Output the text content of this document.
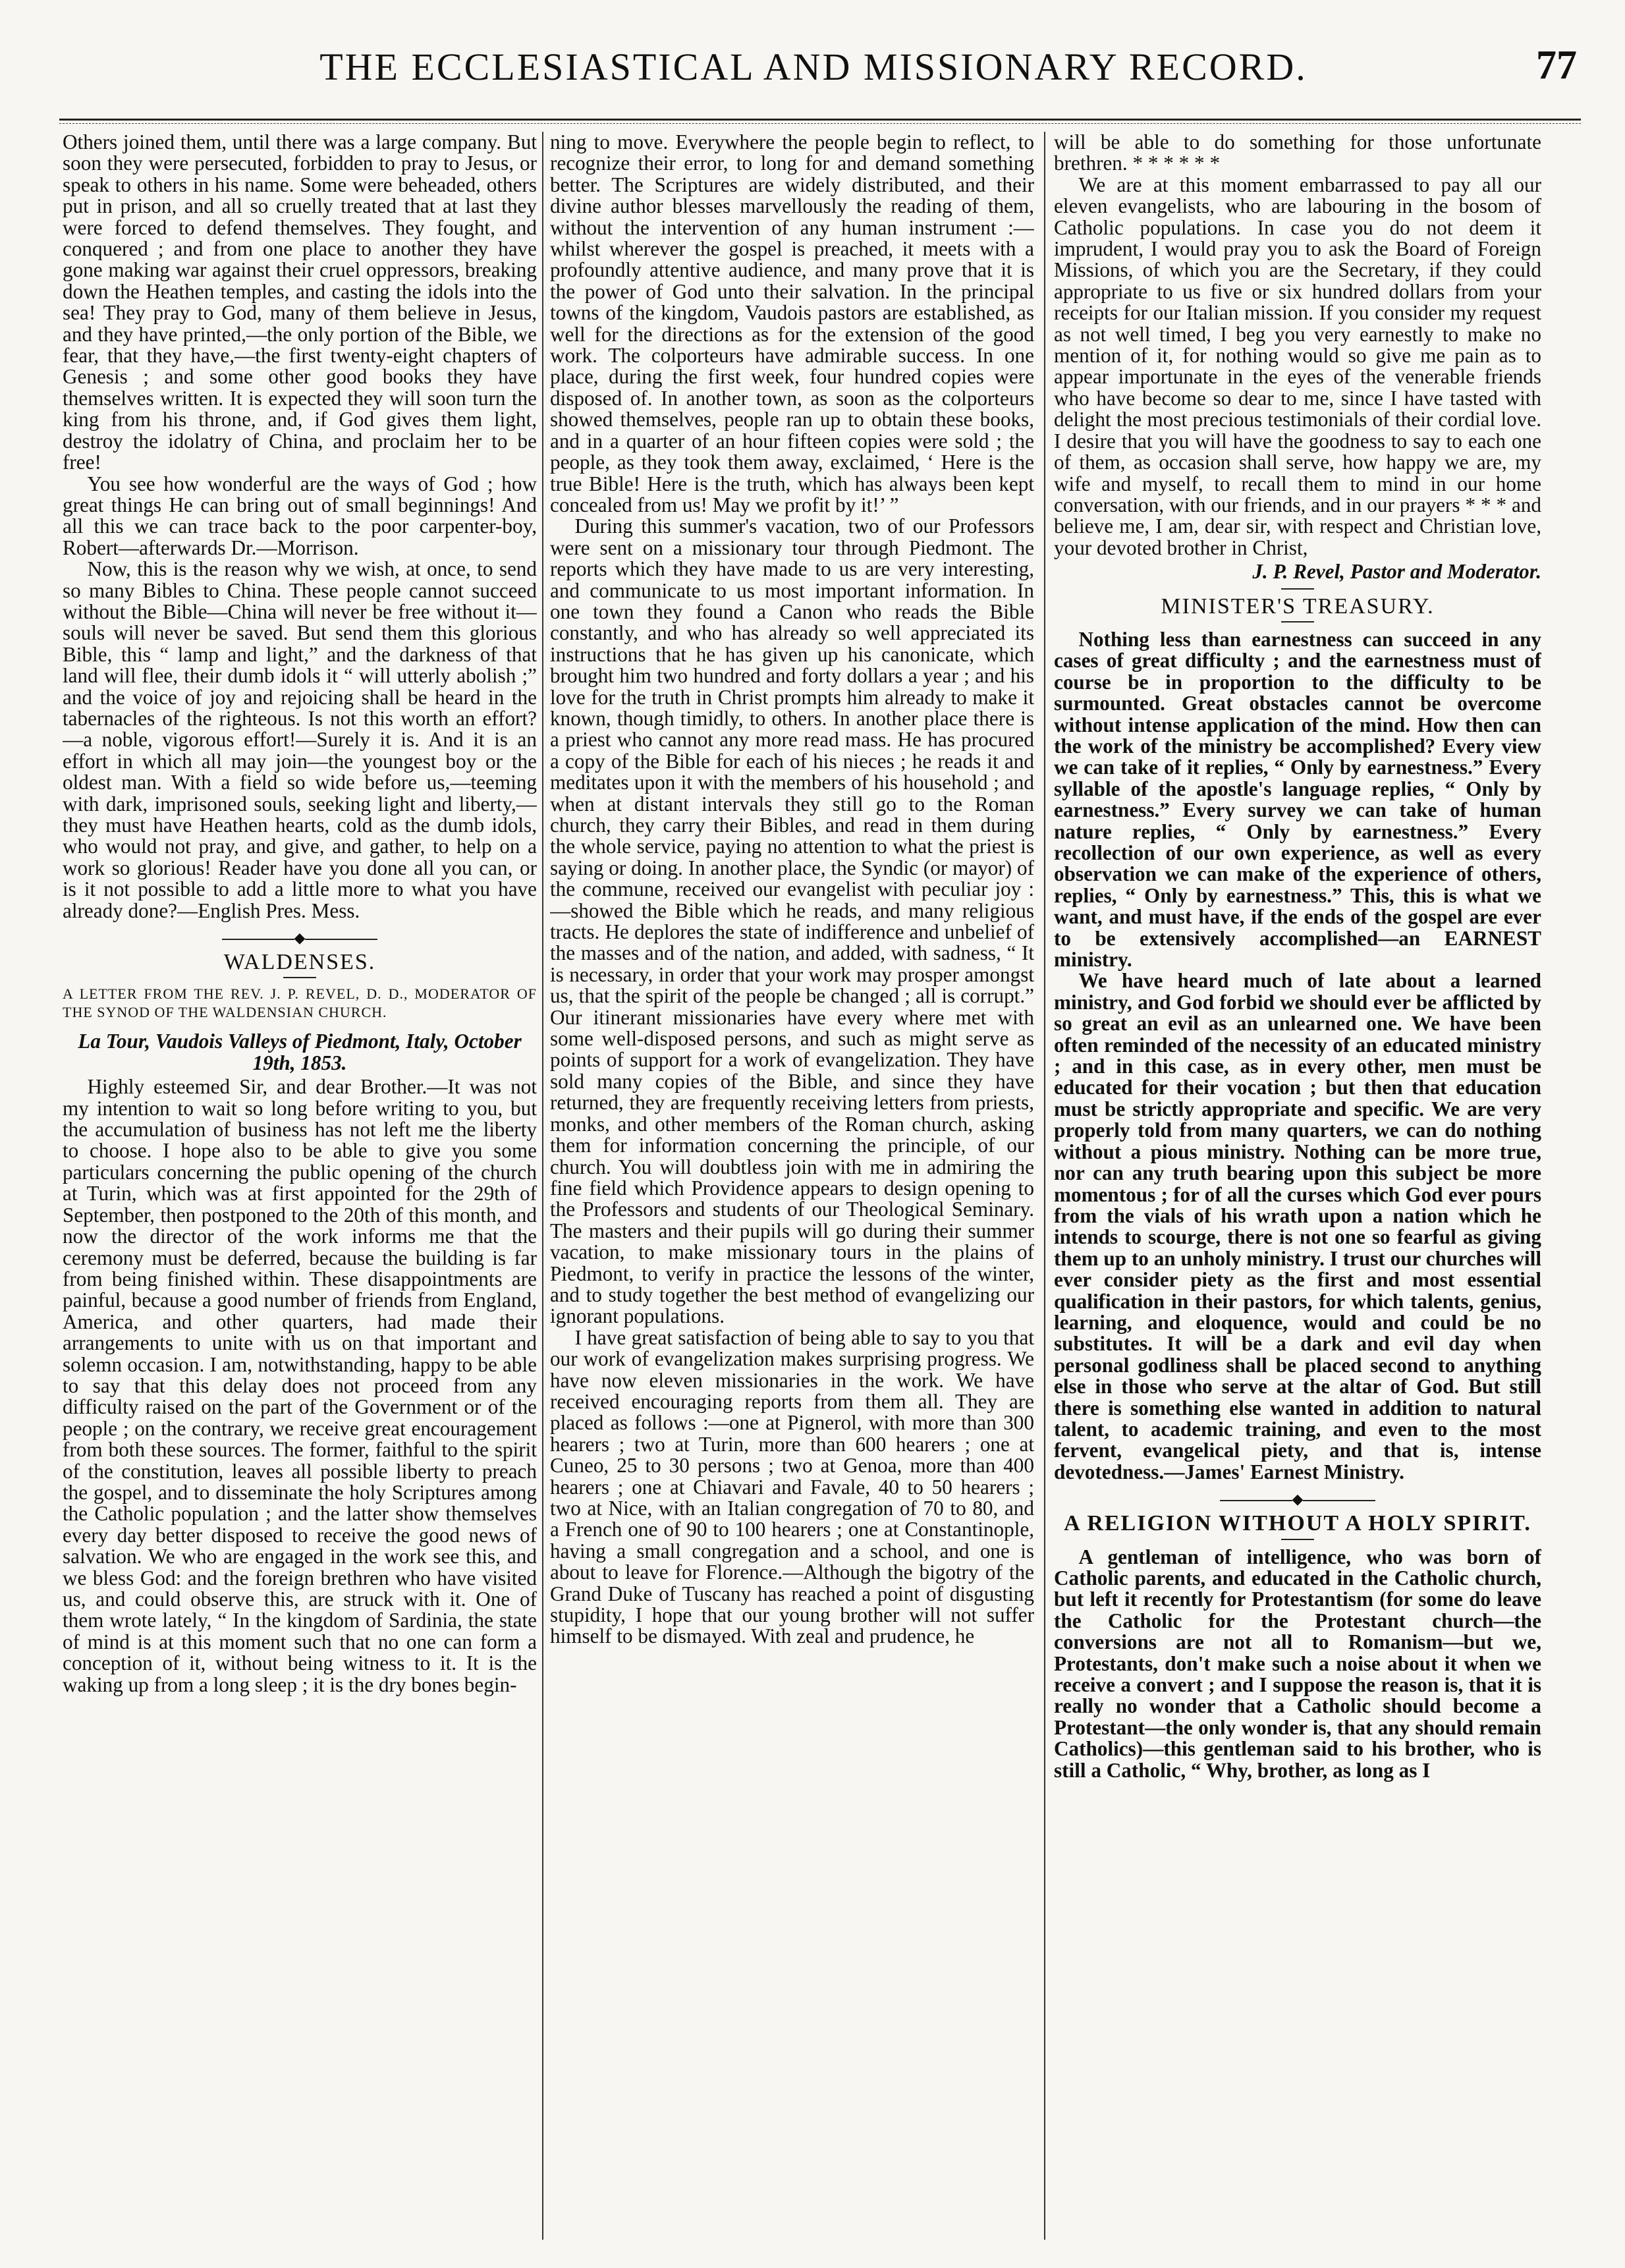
THE ECCLESIASTICAL AND MISSIONARY RECORD.	77

Others joined them, until there was a large company. But soon they were persecuted, forbidden to pray to Jesus, or speak to others in his name. Some were beheaded, others put in prison, and all so cruelly treated that at last they were forced to defend themselves. They fought, and conquered ; and from one place to another they have gone making war against their cruel oppressors, breaking down the Heathen temples, and casting the idols into the sea! They pray to God, many of them believe in Jesus, and they have printed,—the only portion of the Bible, we fear, that they have,—the first twenty-eight chapters of Genesis ; and some other good books they have themselves written. It is expected they will soon turn the king from his throne, and, if God gives them light, destroy the idolatry of China, and proclaim her to be free!

You see how wonderful are the ways of God ; how great things He can bring out of small beginnings! And all this we can trace back to the poor carpenter-boy, Robert—afterwards Dr.—Morrison.

Now, this is the reason why we wish, at once, to send so many Bibles to China. These people cannot succeed without the Bible—China will never be free without it—souls will never be saved. But send them this glorious Bible, this “ lamp and light,” and the darkness of that land will flee, their dumb idols it “ will utterly abolish ;” and the voice of joy and rejoicing shall be heard in the tabernacles of the righteous. Is not this worth an effort?—a noble, vigorous effort!—Surely it is. And it is an effort in which all may join—the youngest boy or the oldest man. With a field so wide before us,—teeming with dark, imprisoned souls, seeking light and liberty,—they must have Heathen hearts, cold as the dumb idols, who would not pray, and give, and gather, to help on a work so glorious! Reader have you done all you can, or is it not possible to add a little more to what you have already done?—English Pres. Mess.

◆
WALDENSES.
A LETTER FROM THE REV. J. P. REVEL, D. D., MODERATOR OF THE SYNOD OF THE WALDENSIAN CHURCH.
La Tour, Vaudois Valleys of Piedmont, Italy, October 19th, 1853.

Highly esteemed Sir, and dear Brother.—It was not my intention to wait so long before writing to you, but the accumulation of business has not left me the liberty to choose. I hope also to be able to give you some particulars concerning the public opening of the church at Turin, which was at first appointed for the 29th of September, then postponed to the 20th of this month, and now the director of the work informs me that the ceremony must be deferred, because the building is far from being finished within. These disappointments are painful, because a good number of friends from England, America, and other quarters, had made their arrangements to unite with us on that important and solemn occasion. I am, notwithstanding, happy to be able to say that this delay does not proceed from any difficulty raised on the part of the Government or of the people ; on the contrary, we receive great encouragement from both these sources. The former, faithful to the spirit of the constitution, leaves all possible liberty to preach the gospel, and to disseminate the holy Scriptures among the Catholic population ; and the latter show themselves every day better disposed to receive the good news of salvation. We who are engaged in the work see this, and we bless God: and the foreign brethren who have visited us, and could observe this, are struck with it. One of them wrote lately, “ In the kingdom of Sardinia, the state of mind is at this moment such that no one can form a conception of it, without being witness to it. It is the waking up from a long sleep ; it is the dry bones begin-

ning to move. Everywhere the people begin to reflect, to recognize their error, to long for and demand something better. The Scriptures are widely distributed, and their divine author blesses marvellously the reading of them, without the intervention of any human instrument :—whilst wherever the gospel is preached, it meets with a profoundly attentive audience, and many prove that it is the power of God unto their salvation. In the principal towns of the kingdom, Vaudois pastors are established, as well for the directions as for the extension of the good work. The colporteurs have admirable success. In one place, during the first week, four hundred copies were disposed of. In another town, as soon as the colporteurs showed themselves, people ran up to obtain these books, and in a quarter of an hour fifteen copies were sold ; the people, as they took them away, exclaimed, ‘ Here is the true Bible! Here is the truth, which has always been kept concealed from us! May we profit by it!’ ”

During this summer's vacation, two of our Professors were sent on a missionary tour through Piedmont. The reports which they have made to us are very interesting, and communicate to us most important information. In one town they found a Canon who reads the Bible constantly, and who has already so well appreciated its instructions that he has given up his canonicate, which brought him two hundred and forty dollars a year ; and his love for the truth in Christ prompts him already to make it known, though timidly, to others. In another place there is a priest who cannot any more read mass. He has procured a copy of the Bible for each of his nieces ; he reads it and meditates upon it with the members of his household ; and when at distant intervals they still go to the Roman church, they carry their Bibles, and read in them during the whole service, paying no attention to what the priest is saying or doing. In another place, the Syndic (or mayor) of the commune, received our evangelist with peculiar joy :—showed the Bible which he reads, and many religious tracts. He deplores the state of indifference and unbelief of the masses and of the nation, and added, with sadness, “ It is necessary, in order that your work may prosper amongst us, that the spirit of the people be changed ; all is corrupt.” Our itinerant missionaries have every where met with some well-disposed persons, and such as might serve as points of support for a work of evangelization. They have sold many copies of the Bible, and since they have returned, they are frequently receiving letters from priests, monks, and other members of the Roman church, asking them for information concerning the principle, of our church. You will doubtless join with me in admiring the fine field which Providence appears to design opening to the Professors and students of our Theological Seminary. The masters and their pupils will go during their summer vacation, to make missionary tours in the plains of Piedmont, to verify in practice the lessons of the winter, and to study together the best method of evangelizing our ignorant populations.

I have great satisfaction of being able to say to you that our work of evangelization makes surprising progress. We have now eleven missionaries in the work. We have received encouraging reports from them all. They are placed as follows :—one at Pignerol, with more than 300 hearers ; two at Turin, more than 600 hearers ; one at Cuneo, 25 to 30 persons ; two at Genoa, more than 400 hearers ; one at Chiavari and Favale, 40 to 50 hearers ; two at Nice, with an Italian congregation of 70 to 80, and a French one of 90 to 100 hearers ; one at Constantinople, having a small congregation and a school, and one is about to leave for Florence.—Although the bigotry of the Grand Duke of Tuscany has reached a point of disgusting stupidity, I hope that our young brother will not suffer himself to be dismayed. With zeal and prudence, he

will be able to do something for those unfortunate brethren. * * * * * *

We are at this moment embarrassed to pay all our eleven evangelists, who are labouring in the bosom of Catholic populations. In case you do not deem it imprudent, I would pray you to ask the Board of Foreign Missions, of which you are the Secretary, if they could appropriate to us five or six hundred dollars from your receipts for our Italian mission. If you consider my request as not well timed, I beg you very earnestly to make no mention of it, for nothing would so give me pain as to appear importunate in the eyes of the venerable friends who have become so dear to me, since I have tasted with delight the most precious testimonials of their cordial love. I desire that you will have the goodness to say to each one of them, as occasion shall serve, how happy we are, my wife and myself, to recall them to mind in our home conversation, with our friends, and in our prayers * * * and believe me, I am, dear sir, with respect and Christian love, your devoted brother in Christ,

J. P. Revel, Pastor and Moderator.
MINISTER'S TREASURY.

Nothing less than earnestness can succeed in any cases of great difficulty ; and the earnestness must of course be in proportion to the difficulty to be surmounted. Great obstacles cannot be overcome without intense application of the mind. How then can the work of the ministry be accomplished? Every view we can take of it replies, “ Only by earnestness.” Every syllable of the apostle's language replies, “ Only by earnestness.” Every survey we can take of human nature replies, “ Only by earnestness.” Every recollection of our own experience, as well as every observation we can make of the experience of others, replies, “ Only by earnestness.” This, this is what we want, and must have, if the ends of the gospel are ever to be extensively accomplished—an EARNEST ministry.

We have heard much of late about a learned ministry, and God forbid we should ever be afflicted by so great an evil as an unlearned one. We have been often reminded of the necessity of an educated ministry ; and in this case, as in every other, men must be educated for their vocation ; but then that education must be strictly appropriate and specific. We are very properly told from many quarters, we can do nothing without a pious ministry. Nothing can be more true, nor can any truth bearing upon this subject be more momentous ; for of all the curses which God ever pours from the vials of his wrath upon a nation which he intends to scourge, there is not one so fearful as giving them up to an unholy ministry. I trust our churches will ever consider piety as the first and most essential qualification in their pastors, for which talents, genius, learning, and eloquence, would and could be no substitutes. It will be a dark and evil day when personal godliness shall be placed second to anything else in those who serve at the altar of God. But still there is something else wanted in addition to natural talent, to academic training, and even to the most fervent, evangelical piety, and that is, intense devotedness.—James' Earnest Ministry.

◆
A RELIGION WITHOUT A HOLY SPIRIT.

A gentleman of intelligence, who was born of Catholic parents, and educated in the Catholic church, but left it recently for Protestantism (for some do leave the Catholic for the Protestant church—the conversions are not all to Romanism—but we, Protestants, don't make such a noise about it when we receive a convert ; and I suppose the reason is, that it is really no wonder that a Catholic should become a Protestant—the only wonder is, that any should remain Catholics)—this gentleman said to his brother, who is still a Catholic, “ Why, brother, as long as I
